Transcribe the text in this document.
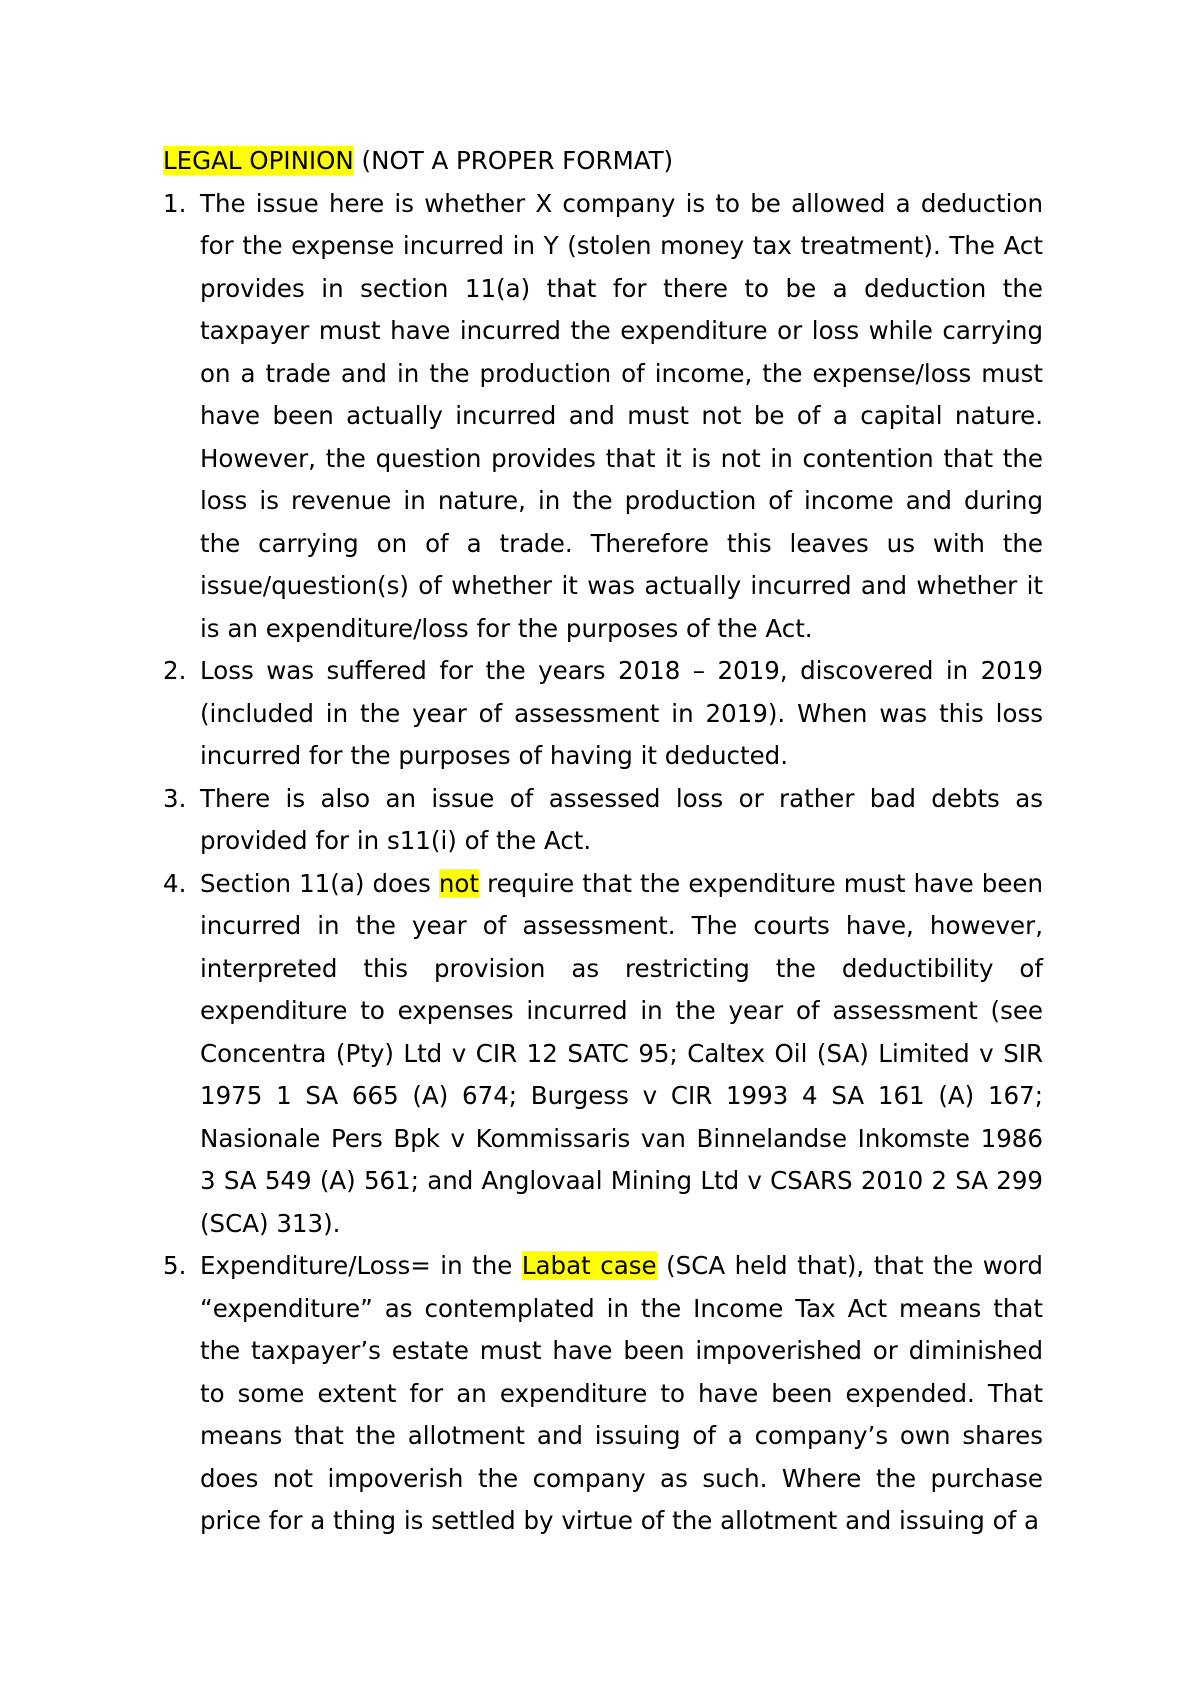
LEGAL OPINION (NOT A PROPER FORMAT)
1. The issue here is whether X company is to be allowed a deduction for the expense incurred in Y (stolen money tax treatment). The Act provides in section 11(a) that for there to be a deduction the taxpayer must have incurred the expenditure or loss while carrying on a trade and in the production of income, the expense/loss must have been actually incurred and must not be of a capital nature. However, the question provides that it is not in contention that the loss is revenue in nature, in the production of income and during the carrying on of a trade. Therefore this leaves us with the issue/question(s) of whether it was actually incurred and whether it is an expenditure/loss for the purposes of the Act.
2. Loss was suffered for the years 2018 – 2019, discovered in 2019 (included in the year of assessment in 2019). When was this loss incurred for the purposes of having it deducted.
3. There is also an issue of assessed loss or rather bad debts as provided for in s11(i) of the Act.
4. Section 11(a) does not require that the expenditure must have been incurred in the year of assessment. The courts have, however, interpreted this provision as restricting the deductibility of expenditure to expenses incurred in the year of assessment (see Concentra (Pty) Ltd v CIR 12 SATC 95; Caltex Oil (SA) Limited v SIR 1975 1 SA 665 (A) 674; Burgess v CIR 1993 4 SA 161 (A) 167; Nasionale Pers Bpk v Kommissaris van Binnelandse Inkomste 1986 3 SA 549 (A) 561; and Anglovaal Mining Ltd v CSARS 2010 2 SA 299 (SCA) 313).
5. Expenditure/Loss= in the Labat case (SCA held that), that the word “expenditure” as contemplated in the Income Tax Act means that the taxpayer’s estate must have been impoverished or diminished to some extent for an expenditure to have been expended. That means that the allotment and issuing of a company’s own shares does not impoverish the company as such. Where the purchase price for a thing is settled by virtue of the allotment and issuing of a
